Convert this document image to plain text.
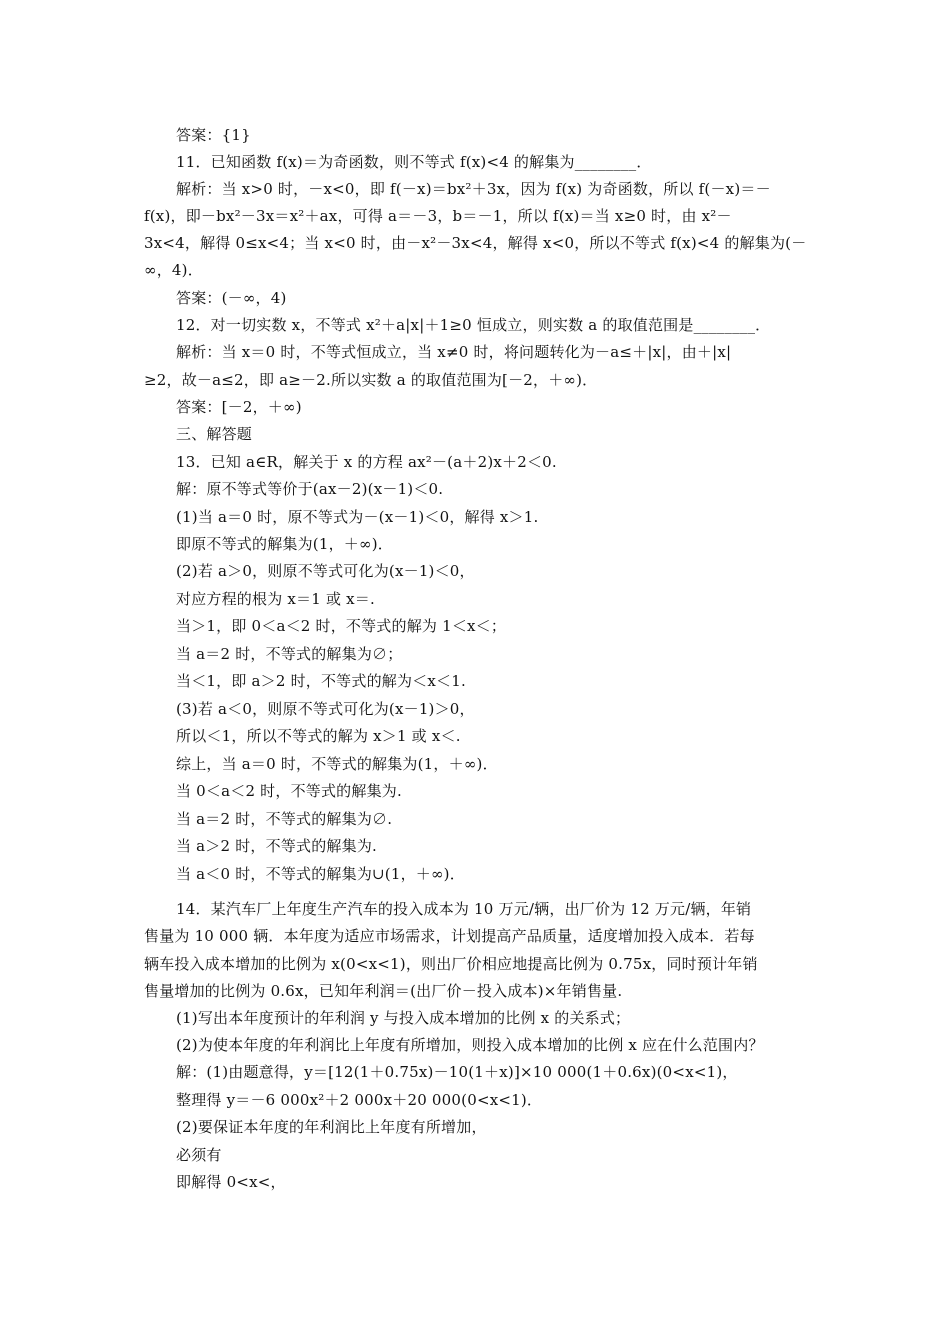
答案：{1}
11．已知函数 f(x)＝为奇函数，则不等式 f(x)<4 的解集为________．
解析：当 x>0 时，－x<0，即 f(－x)＝bx²＋3x，因为 f(x) 为奇函数，所以 f(－x)＝－
f(x)，即－bx²－3x＝x²＋ax，可得 a＝－3，b＝－1，所以 f(x)＝当 x≥0 时，由 x²－
3x<4，解得 0≤x<4；当 x<0 时，由－x²－3x<4，解得 x<0，所以不等式 f(x)<4 的解集为(－
∞，4)．
答案：(－∞，4)
12．对一切实数 x，不等式 x²＋a|x|＋1≥0 恒成立，则实数 a 的取值范围是________．
解析：当 x＝0 时，不等式恒成立，当 x≠0 时，将问题转化为－a≤＋|x|，由＋|x|
≥2，故－a≤2，即 a≥－2.所以实数 a 的取值范围为[－2，＋∞)．
答案：[－2，＋∞)
三、解答题
13．已知 a∈R，解关于 x 的方程 ax²－(a＋2)x＋2＜0.
解：原不等式等价于(ax－2)(x－1)＜0.
(1)当 a＝0 时，原不等式为－(x－1)＜0，解得 x＞1.
即原不等式的解集为(1，＋∞)．
(2)若 a＞0，则原不等式可化为(x－1)＜0，
对应方程的根为 x＝1 或 x＝.
当＞1，即 0＜a＜2 时，不等式的解为 1＜x＜；
当 a＝2 时，不等式的解集为∅；
当＜1，即 a＞2 时，不等式的解为＜x＜1.
(3)若 a＜0，则原不等式可化为(x－1)＞0，
所以＜1，所以不等式的解为 x＞1 或 x＜.
综上，当 a＝0 时，不等式的解集为(1，＋∞)．
当 0＜a＜2 时，不等式的解集为.
当 a＝2 时，不等式的解集为∅.
当 a＞2 时，不等式的解集为.
当 a＜0 时，不等式的解集为∪(1，＋∞)．
14．某汽车厂上年度生产汽车的投入成本为 10 万元/辆，出厂价为 12 万元/辆，年销
售量为 10 000 辆．本年度为适应市场需求，计划提高产品质量，适度增加投入成本．若每
辆车投入成本增加的比例为 x(0<x<1)，则出厂价相应地提高比例为 0.75x，同时预计年销
售量增加的比例为 0.6x，已知年利润＝(出厂价－投入成本)×年销售量.
(1)写出本年度预计的年利润 y 与投入成本增加的比例 x 的关系式；
(2)为使本年度的年利润比上年度有所增加，则投入成本增加的比例 x 应在什么范围内？
解：(1)由题意得，y＝[12(1＋0.75x)－10(1＋x)]×10 000(1＋0.6x)(0<x<1)，
整理得 y＝－6 000x²＋2 000x＋20 000(0<x<1)．
(2)要保证本年度的年利润比上年度有所增加，
必须有
即解得 0<x<，
